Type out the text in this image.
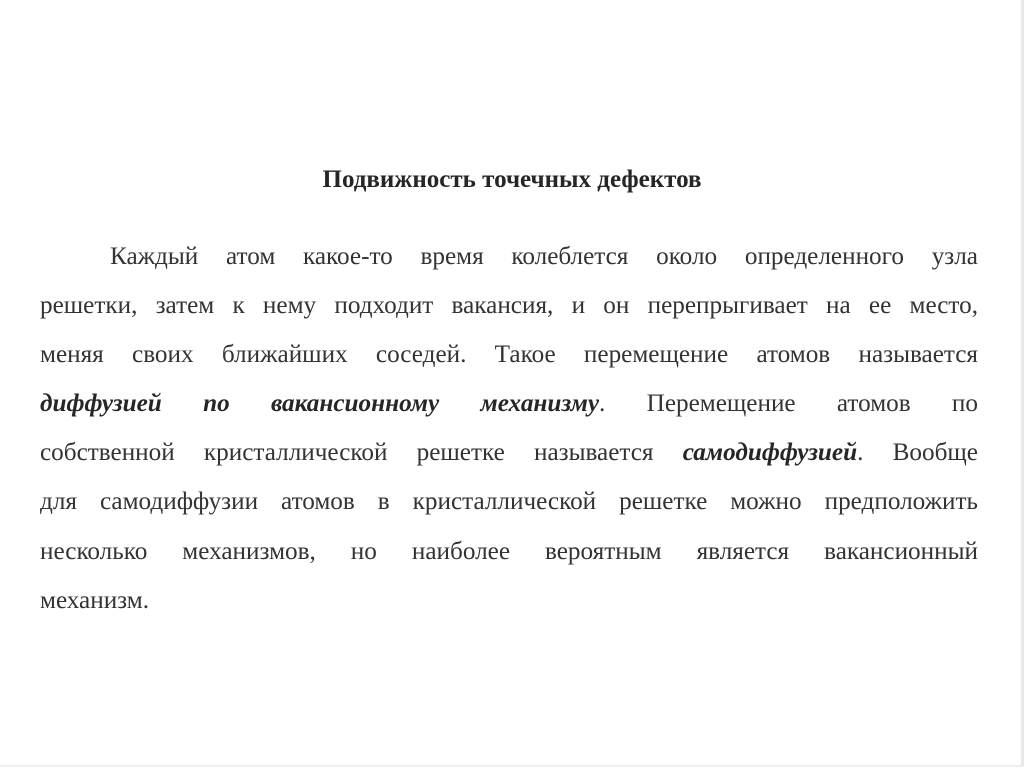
Подвижность точечных дефектов
Каждый атом какое-то время колеблется около определенного узла
решетки, затем к нему подходит вакансия, и он перепрыгивает на ее место,
меняя своих ближайших соседей. Такое перемещение атомов называется
диффузией по вакансионному механизму. Перемещение атомов по
собственной кристаллической решетке называется самодиффузией. Вообще
для самодиффузии атомов в кристаллической решетке можно предположить
несколько механизмов, но наиболее вероятным является вакансионный
механизм.
